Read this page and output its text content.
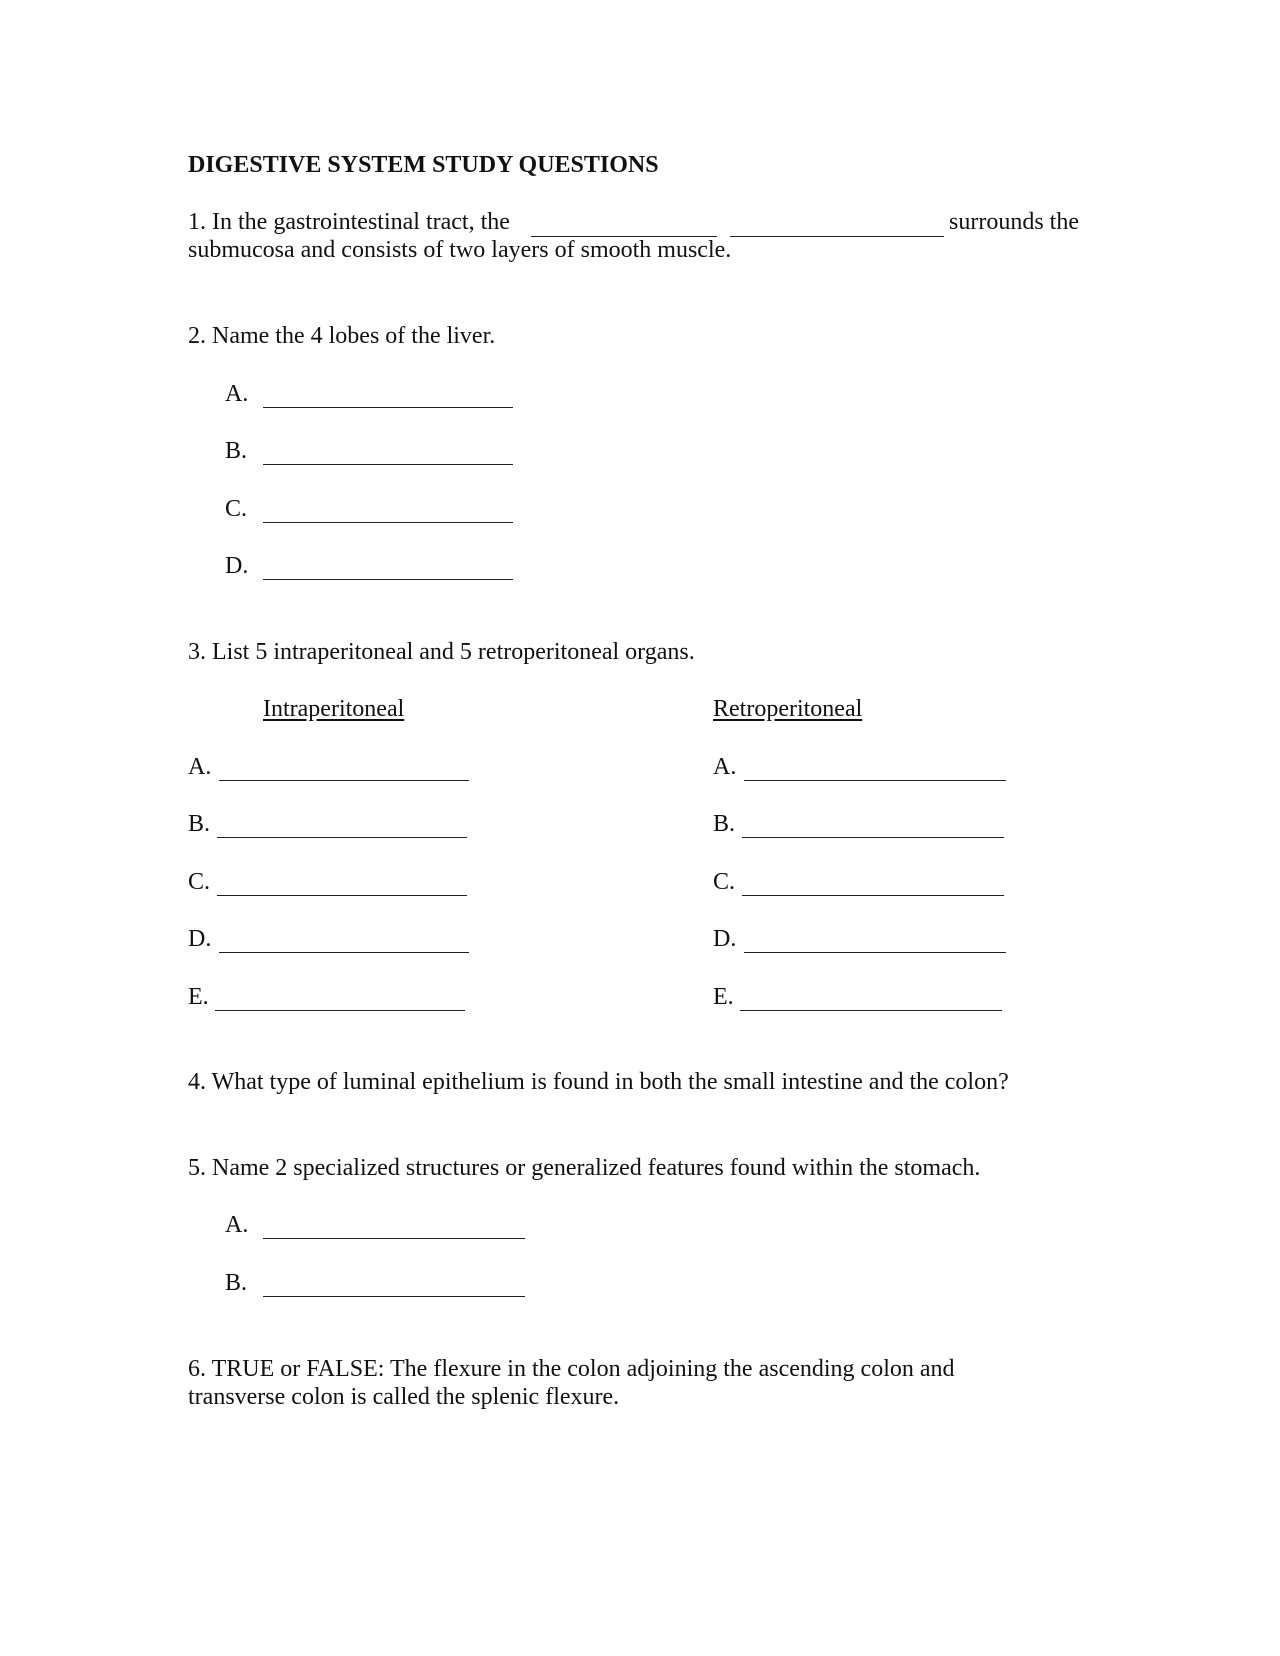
DIGESTIVE SYSTEM STUDY QUESTIONS
1. In the gastrointestinal tract, the	surrounds the
submucosa and consists of two layers of smooth muscle.
2. Name the 4 lobes of the liver.
A.
B.
C.
D.
3. List 5 intraperitoneal and 5 retroperitoneal organs.
Intraperitoneal	Retroperitoneal
A.
B.
C.
D.
E.
A.
B.
C.
D.
E.
4. What type of luminal epithelium is found in both the small intestine and the colon?
5. Name 2 specialized structures or generalized features found within the stomach.
A.
B.
6. TRUE or FALSE: The flexure in the colon adjoining the ascending colon and
transverse colon is called the splenic flexure.
